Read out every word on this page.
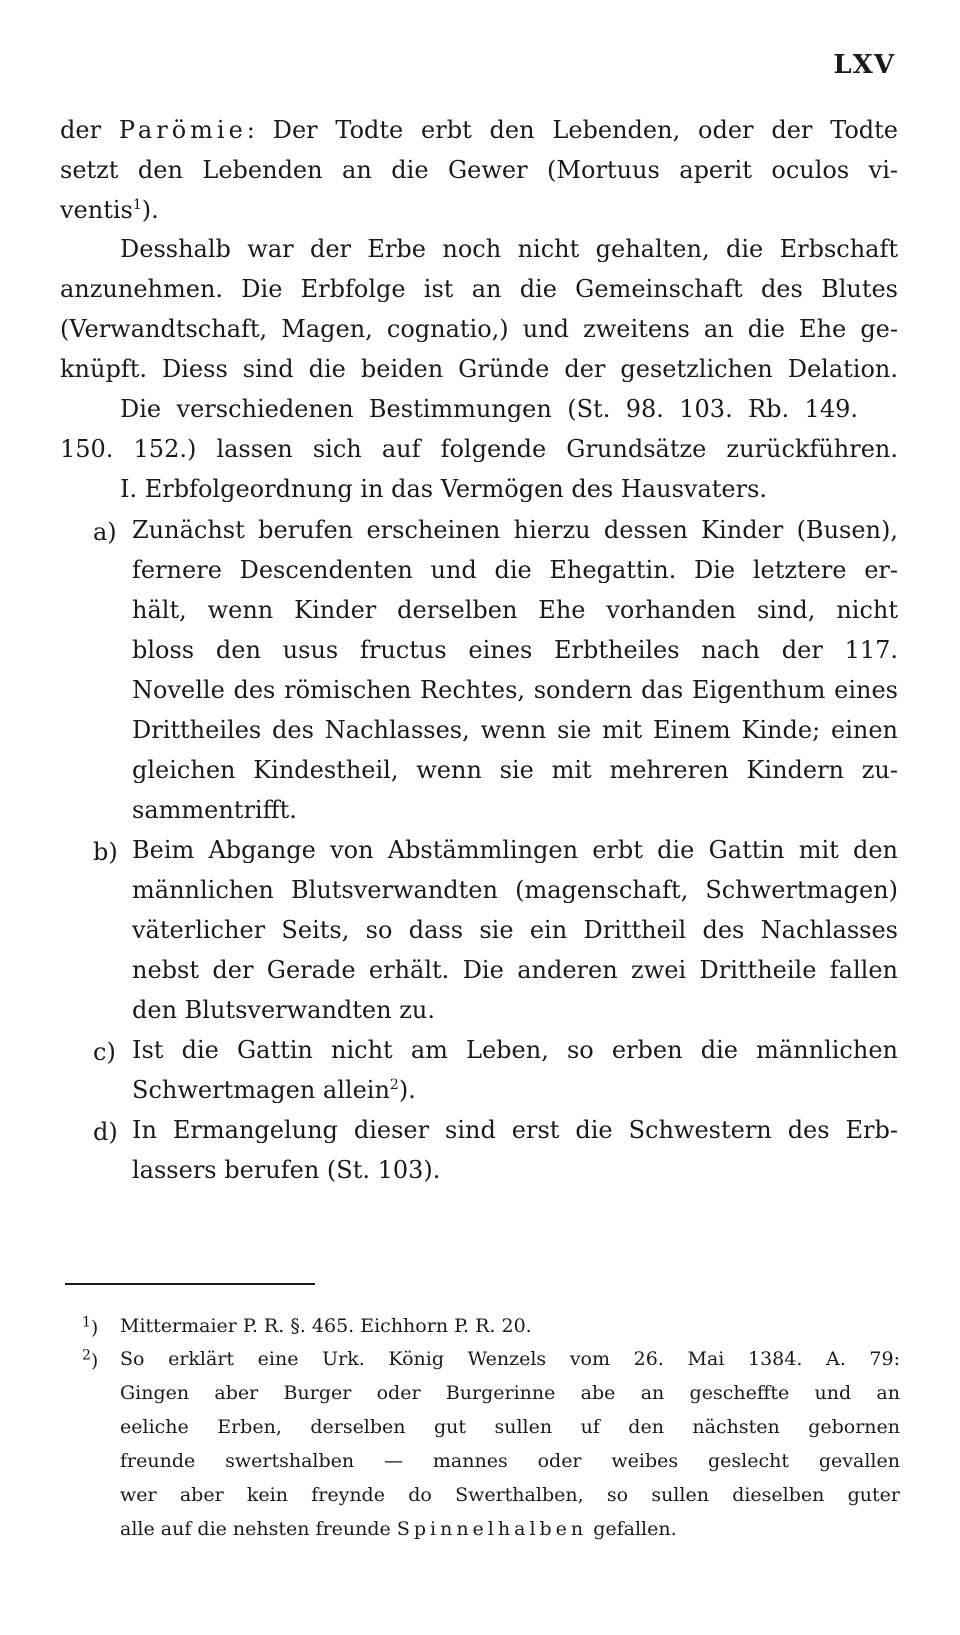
LXV
der Parömie: Der Todte erbt den Lebenden, oder der Todte
setzt den Lebenden an die Gewer (Mortuus aperit oculos vi-
ventis$^1$).
Desshalb war der Erbe noch nicht gehalten, die Erbschaft
anzunehmen. Die Erbfolge ist an die Gemeinschaft des Blutes
(Verwandtschaft, Magen, cognatio,) und zweitens an die Ehe ge-
knüpft. Diess sind die beiden Gründe der gesetzlichen Delation.
Die verschiedenen Bestimmungen (St. 98. 103. Rb. 149.
150. 152.) lassen sich auf folgende Grundsätze zurückführen.
I. Erbfolgeordnung in das Vermögen des Hausvaters.
a) Zunächst berufen erscheinen hierzu dessen Kinder (Busen),
fernere Descendenten und die Ehegattin. Die letztere er-
hält, wenn Kinder derselben Ehe vorhanden sind, nicht
bloss den usus fructus eines Erbtheiles nach der 117.
Novelle des römischen Rechtes, sondern das Eigenthum eines
Drittheiles des Nachlasses, wenn sie mit Einem Kinde; einen
gleichen Kindestheil, wenn sie mit mehreren Kindern zu-
sammentrifft.
b) Beim Abgange von Abstämmlingen erbt die Gattin mit den
männlichen Blutsverwandten (magenschaft, Schwertmagen)
väterlicher Seits, so dass sie ein Drittheil des Nachlasses
nebst der Gerade erhält. Die anderen zwei Drittheile fallen
den Blutsverwandten zu.
c) Ist die Gattin nicht am Leben, so erben die männlichen
Schwertmagen allein$^2$).
d) In Ermangelung dieser sind erst die Schwestern des Erb-
lassers berufen (St. 103).
$^1$)	Mittermaier P. R. §. 465. Eichhorn P. R. 20.
$^2$)	So erklärt eine Urk. König Wenzels vom 26. Mai 1384. A. 79:
Gingen aber Burger oder Burgerinne abe an gescheffte und an
eeliche Erben, derselben gut sullen uf den nächsten gebornen
freunde swertshalben — mannes oder weibes geslecht gevallen
wer aber kein freynde do Swerthalben, so sullen dieselben guter
alle auf die nehsten freunde Spinnelhalben gefallen.
